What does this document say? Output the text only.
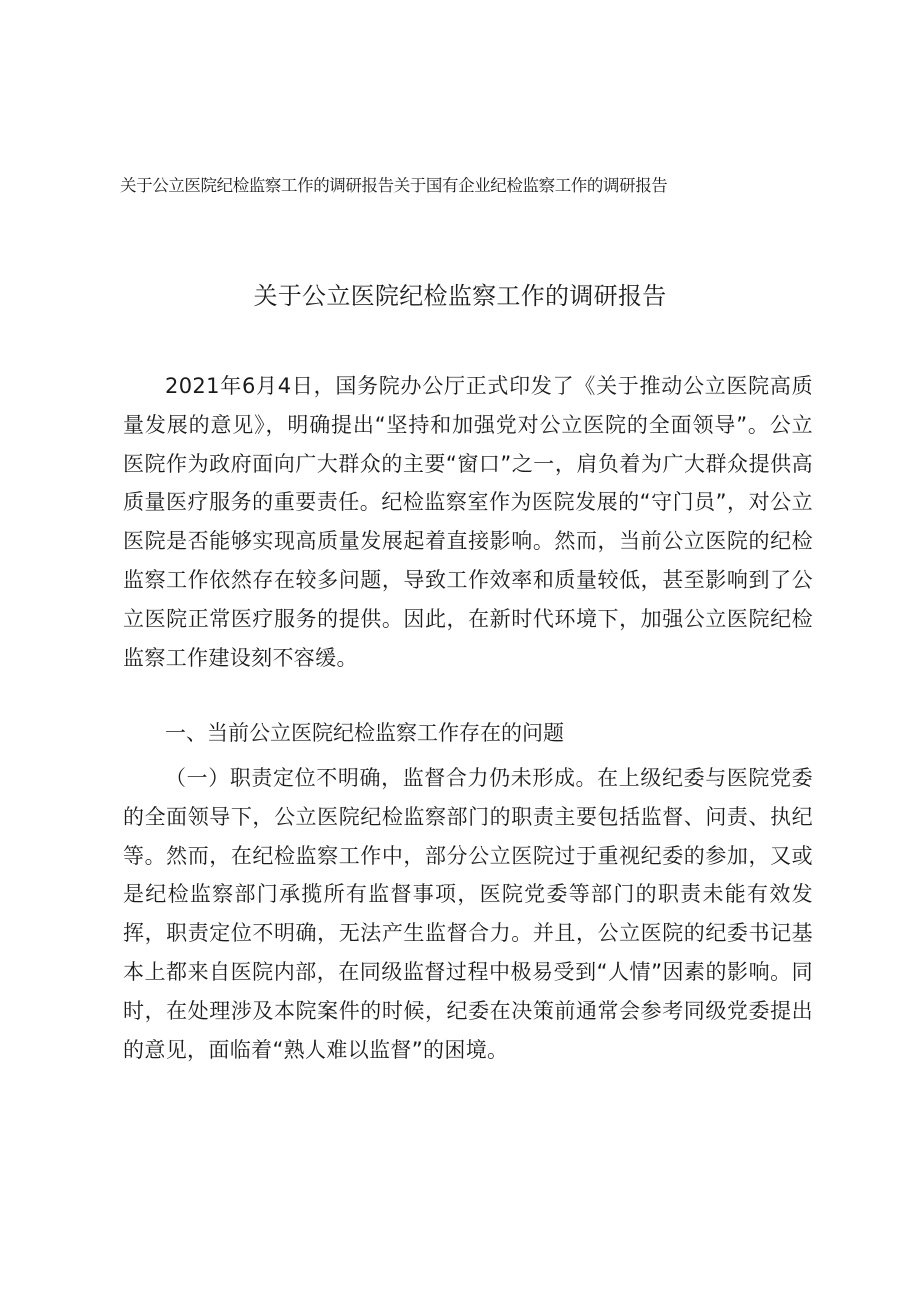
关于公立医院纪检监察工作的调研报告关于国有企业纪检监察工作的调研报告
关于公立医院纪检监察工作的调研报告

2021年6月4日，国务院办公厅正式印发了《关于推动公立医院高质量发展的意见》，明确提出“坚持和加强党对公立医院的全面领导”。公立医院作为政府面向广大群众的主要“窗口”之一，肩负着为广大群众提供高质量医疗服务的重要责任。纪检监察室作为医院发展的“守门员”，对公立医院是否能够实现高质量发展起着直接影响。然而，当前公立医院的纪检监察工作依然存在较多问题，导致工作效率和质量较低，甚至影响到了公立医院正常医疗服务的提供。因此，在新时代环境下，加强公立医院纪检监察工作建设刻不容缓。

一、当前公立医院纪检监察工作存在的问题

（一）职责定位不明确，监督合力仍未形成。在上级纪委与医院党委的全面领导下，公立医院纪检监察部门的职责主要包括监督、问责、执纪等。然而，在纪检监察工作中，部分公立医院过于重视纪委的参加，又或是纪检监察部门承揽所有监督事项，医院党委等部门的职责未能有效发挥，职责定位不明确，无法产生监督合力。并且，公立医院的纪委书记基本上都来自医院内部，在同级监督过程中极易受到“人情”因素的影响。同时，在处理涉及本院案件的时候，纪委在决策前通常会参考同级党委提出的意见，面临着“熟人难以监督”的困境。
